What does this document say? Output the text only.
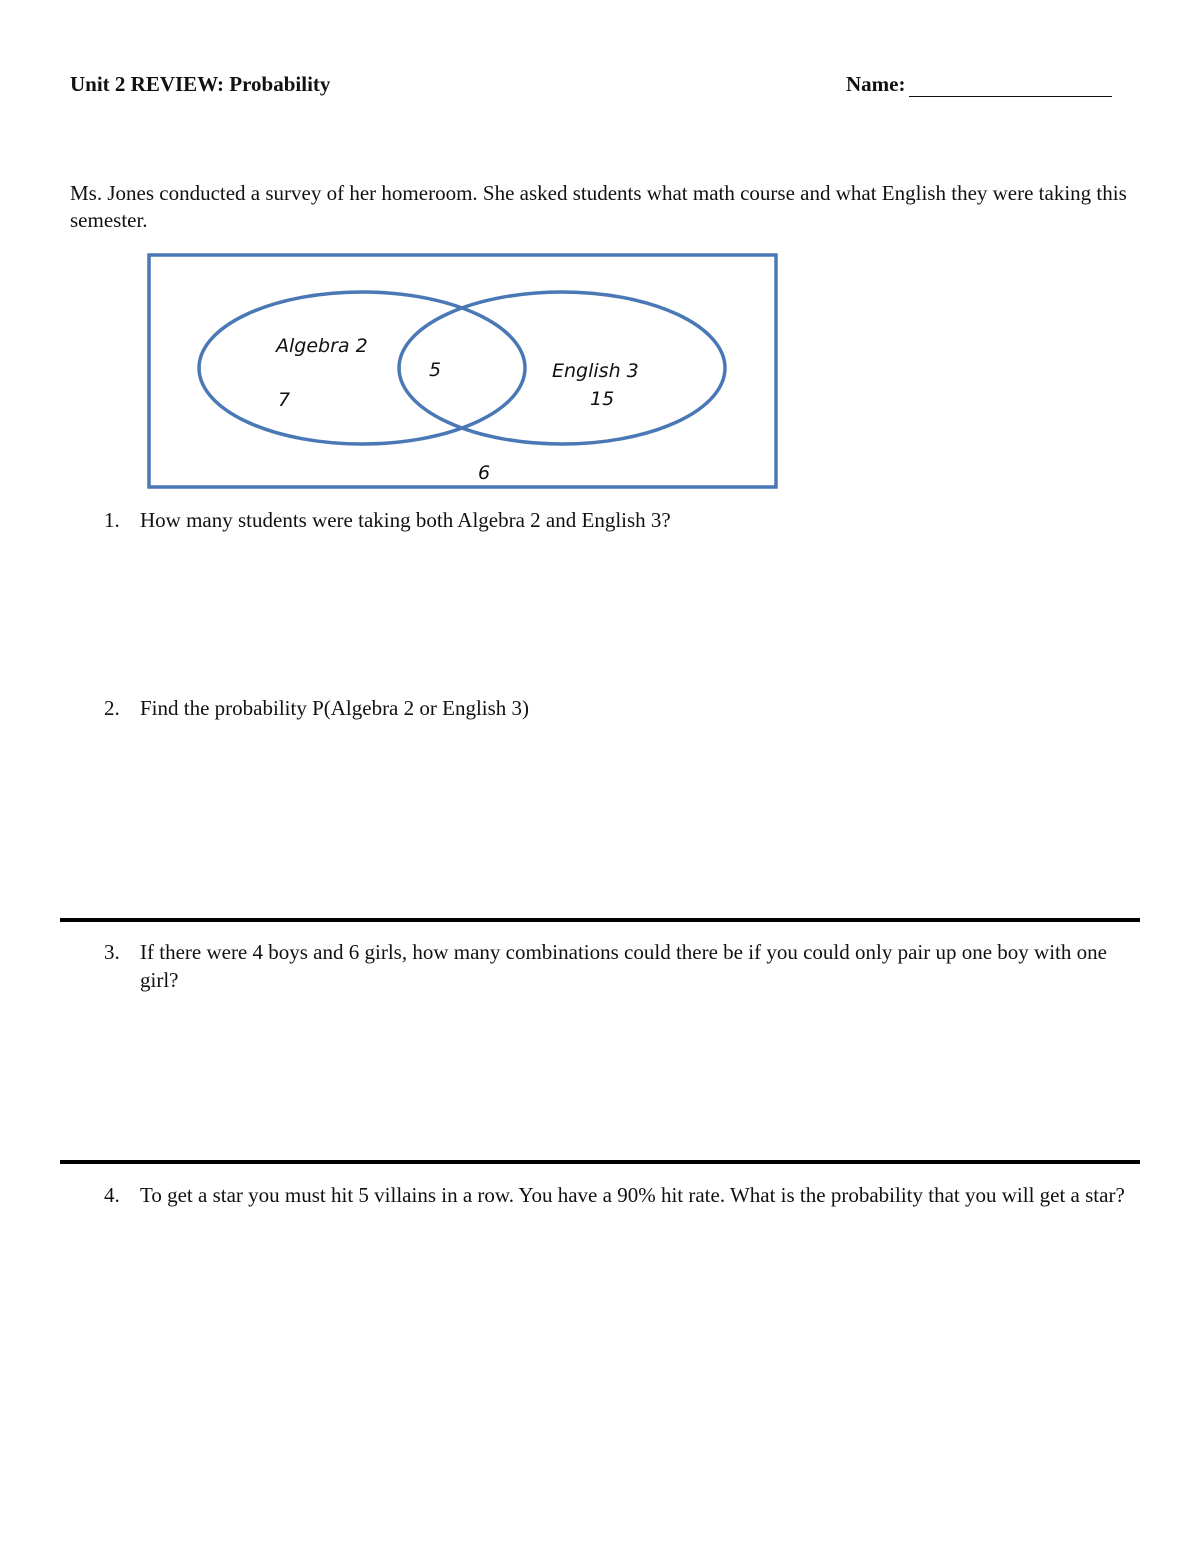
Unit 2 REVIEW: Probability	Name:
Ms. Jones conducted a survey of her homeroom. She asked students what math course and what English they were taking this semester.
Algebra 2
7
5	English 3
15
6
1. How many students were taking both Algebra 2 and English 3?
2. Find the probability P(Algebra 2 or English 3)
3. If there were 4 boys and 6 girls, how many combinations could there be if you could only pair up one boy with one girl?
4. To get a star you must hit 5 villains in a row. You have a 90% hit rate. What is the probability that you will get a star?
